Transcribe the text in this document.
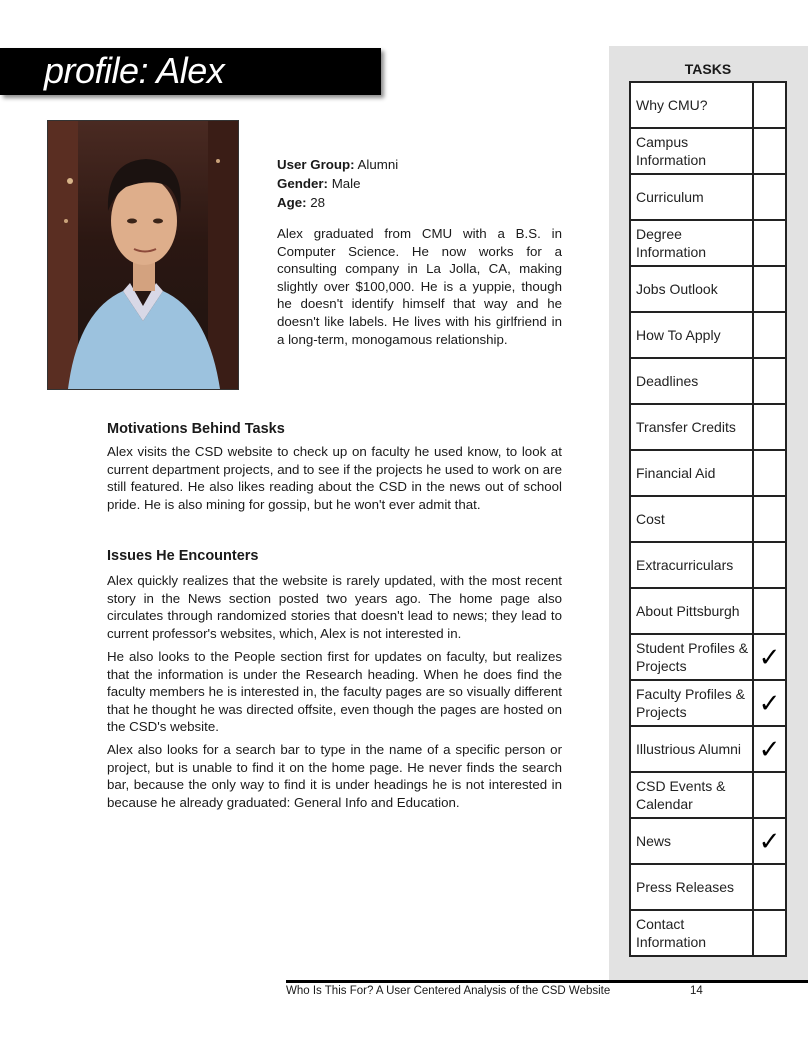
profile: Alex
User Group: Alumni
Gender: Male
Age: 28
Alex graduated from CMU with a B.S. in Computer Science. He now works for a consulting company in La Jolla, CA, making slightly over $100,000. He is a yuppie, though he doesn't identify himself that way and he doesn't like labels. He lives with his girlfriend in a long-term, monogamous relationship.
Motivations Behind Tasks

Alex visits the CSD website to check up on faculty he used know, to look at current department projects, and to see if the projects he used to work on are still featured. He also likes reading about the CSD in the news out of school pride. He is also mining for gossip, but he won't ever admit that.

Issues He Encounters

Alex quickly realizes that the website is rarely updated, with the most recent story in the News section posted two years ago. The home page also circulates through randomized stories that doesn't lead to news; they lead to current professor's websites, which, Alex is not interested in.

He also looks to the People section first for updates on faculty, but realizes that the information is under the Research heading. When he does find the faculty members he is interested in, the faculty pages are so visually different that he thought he was directed offsite, even though the pages are hosted on the CSD's website.

Alex also looks for a search bar to type in the name of a specific person or project, but is unable to find it on the home page. He never finds the search bar, because the only way to find it is under headings he is not interested in because he already graduated: General Info and Education.

TASKS
Why CMU?
Campus Information
Curriculum
Degree Information
Jobs Outlook
How To Apply
Deadlines
Transfer Credits
Financial Aid
Cost
Extracurriculars
About Pittsburgh
Student Profiles & Projects	✓
Faculty Profiles & Projects	✓
Illustrious Alumni ✓
CSD Events & Calendar
News	✓
Press Releases
Contact Information
Who Is This For? A User Centered Analysis of the CSD Website	14
